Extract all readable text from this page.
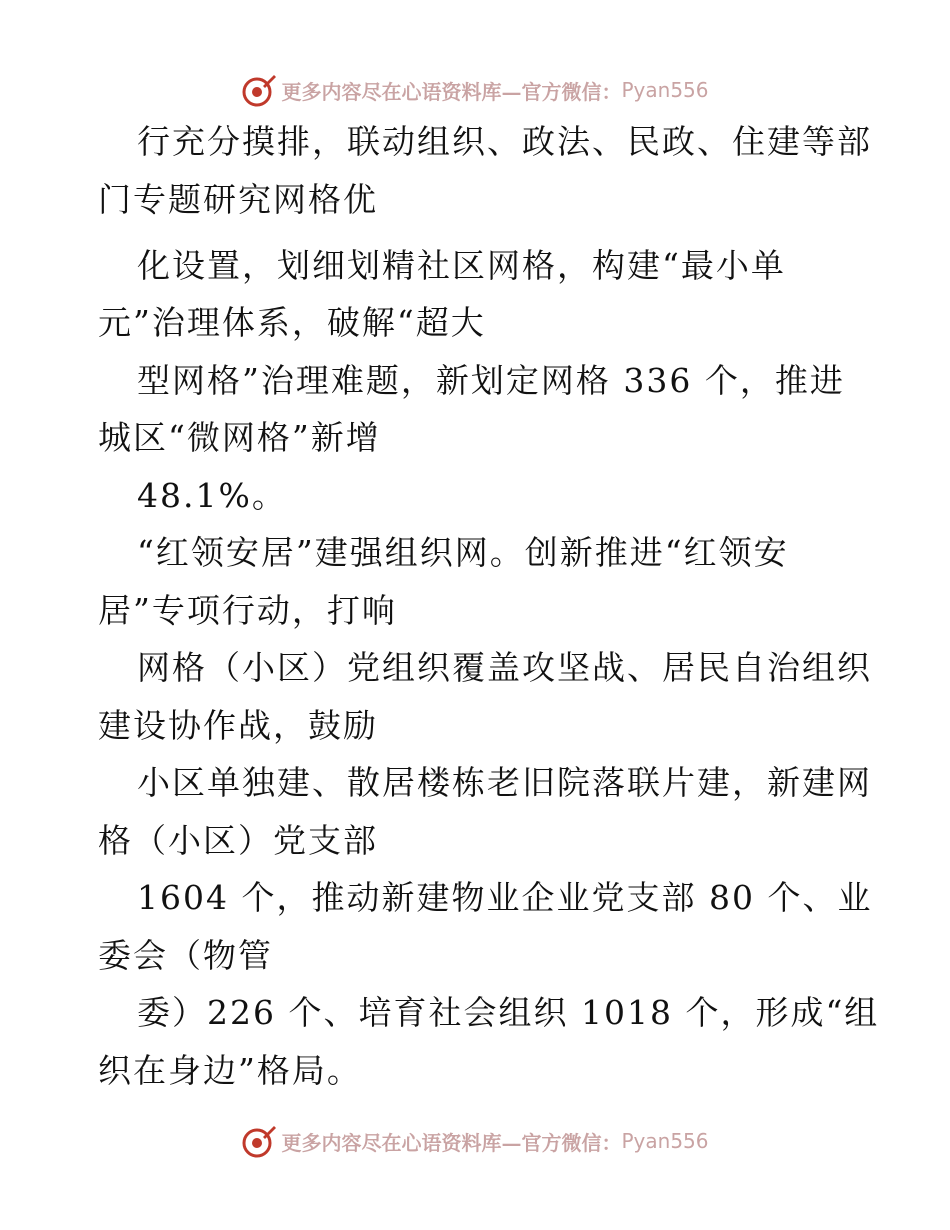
更多内容尽在心语资料库—官方微信： Pyan556
行充分摸排，联动组织、政法、民政、住建等部
门专题研究网格优
化设置，划细划精社区网格，构建“最小单
元”治理体系，破解“超大
型网格”治理难题，新划定网格 336 个，推进
城区“微网格”新增
48.1%。
“红领安居”建强组织网。创新推进“红领安
居”专项行动，打响
网格（小区）党组织覆盖攻坚战、居民自治组织
建设协作战，鼓励
小区单独建、散居楼栋老旧院落联片建，新建网
格（小区）党支部
1604 个，推动新建物业企业党支部 80 个、业
委会（物管
委）226 个、培育社会组织 1018 个，形成“组
织在身边”格局。
更多内容尽在心语资料库—官方微信： Pyan556
